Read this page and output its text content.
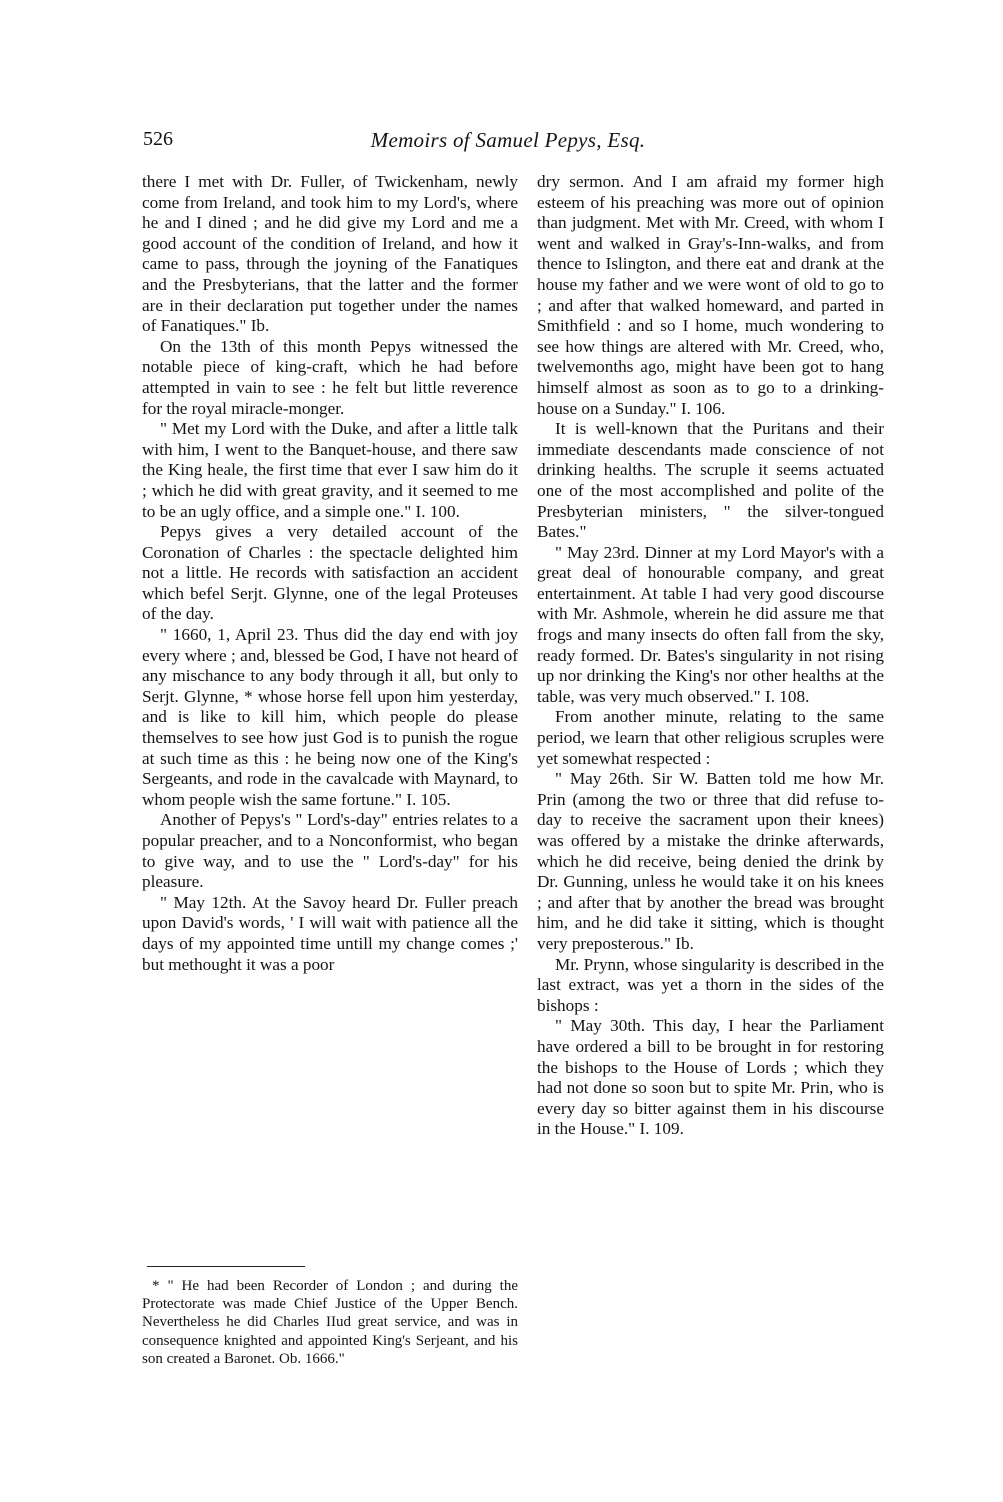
526	Memoirs of Samuel Pepys, Esq.

there I met with Dr. Fuller, of Twickenham, newly come from Ireland, and took him to my Lord's, where he and I dined ; and he did give my Lord and me a good account of the condition of Ireland, and how it came to pass, through the joyning of the Fanatiques and the Presbyterians, that the latter and the former are in their declaration put together under the names of Fanatiques." Ib.

On the 13th of this month Pepys witnessed the notable piece of king-craft, which he had before attempted in vain to see : he felt but little reverence for the royal miracle-monger.

" Met my Lord with the Duke, and after a little talk with him, I went to the Banquet-house, and there saw the King heale, the first time that ever I saw him do it ; which he did with great gravity, and it seemed to me to be an ugly office, and a simple one." I. 100.

Pepys gives a very detailed account of the Coronation of Charles : the spectacle delighted him not a little. He records with satisfaction an accident which befel Serjt. Glynne, one of the legal Proteuses of the day.

" 1660, 1, April 23. Thus did the day end with joy every where ; and, blessed be God, I have not heard of any mischance to any body through it all, but only to Serjt. Glynne, * whose horse fell upon him yesterday, and is like to kill him, which people do please themselves to see how just God is to punish the rogue at such time as this : he being now one of the King's Sergeants, and rode in the cavalcade with Maynard, to whom people wish the same fortune." I. 105.

Another of Pepys's " Lord's-day" entries relates to a popular preacher, and to a Nonconformist, who began to give way, and to use the " Lord's-day" for his pleasure.

" May 12th. At the Savoy heard Dr. Fuller preach upon David's words, ' I will wait with patience all the days of my appointed time untill my change comes ;' but methought it was a poor

dry sermon. And I am afraid my former high esteem of his preaching was more out of opinion than judgment. Met with Mr. Creed, with whom I went and walked in Gray's-Inn-walks, and from thence to Islington, and there eat and drank at the house my father and we were wont of old to go to ; and after that walked homeward, and parted in Smithfield : and so I home, much wondering to see how things are altered with Mr. Creed, who, twelvemonths ago, might have been got to hang himself almost as soon as to go to a drinking-house on a Sunday." I. 106.

It is well-known that the Puritans and their immediate descendants made conscience of not drinking healths. The scruple it seems actuated one of the most accomplished and polite of the Presbyterian ministers, " the silver-tongued Bates."

" May 23rd. Dinner at my Lord Mayor's with a great deal of honourable company, and great entertainment. At table I had very good discourse with Mr. Ashmole, wherein he did assure me that frogs and many insects do often fall from the sky, ready formed. Dr. Bates's singularity in not rising up nor drinking the King's nor other healths at the table, was very much observed." I. 108.

From another minute, relating to the same period, we learn that other religious scruples were yet somewhat respected :

" May 26th. Sir W. Batten told me how Mr. Prin (among the two or three that did refuse to-day to receive the sacrament upon their knees) was offered by a mistake the drinke afterwards, which he did receive, being denied the drink by Dr. Gunning, unless he would take it on his knees ; and after that by another the bread was brought him, and he did take it sitting, which is thought very preposterous." Ib.

Mr. Prynn, whose singularity is described in the last extract, was yet a thorn in the sides of the bishops :

" May 30th. This day, I hear the Parliament have ordered a bill to be brought in for restoring the bishops to the House of Lords ; which they had not done so soon but to spite Mr. Prin, who is every day so bitter against them in his discourse in the House." I. 109.

* " He had been Recorder of London ; and during the Protectorate was made Chief Justice of the Upper Bench. Nevertheless he did Charles IIud great service, and was in consequence knighted and appointed King's Serjeant, and his son created a Baronet. Ob. 1666."
